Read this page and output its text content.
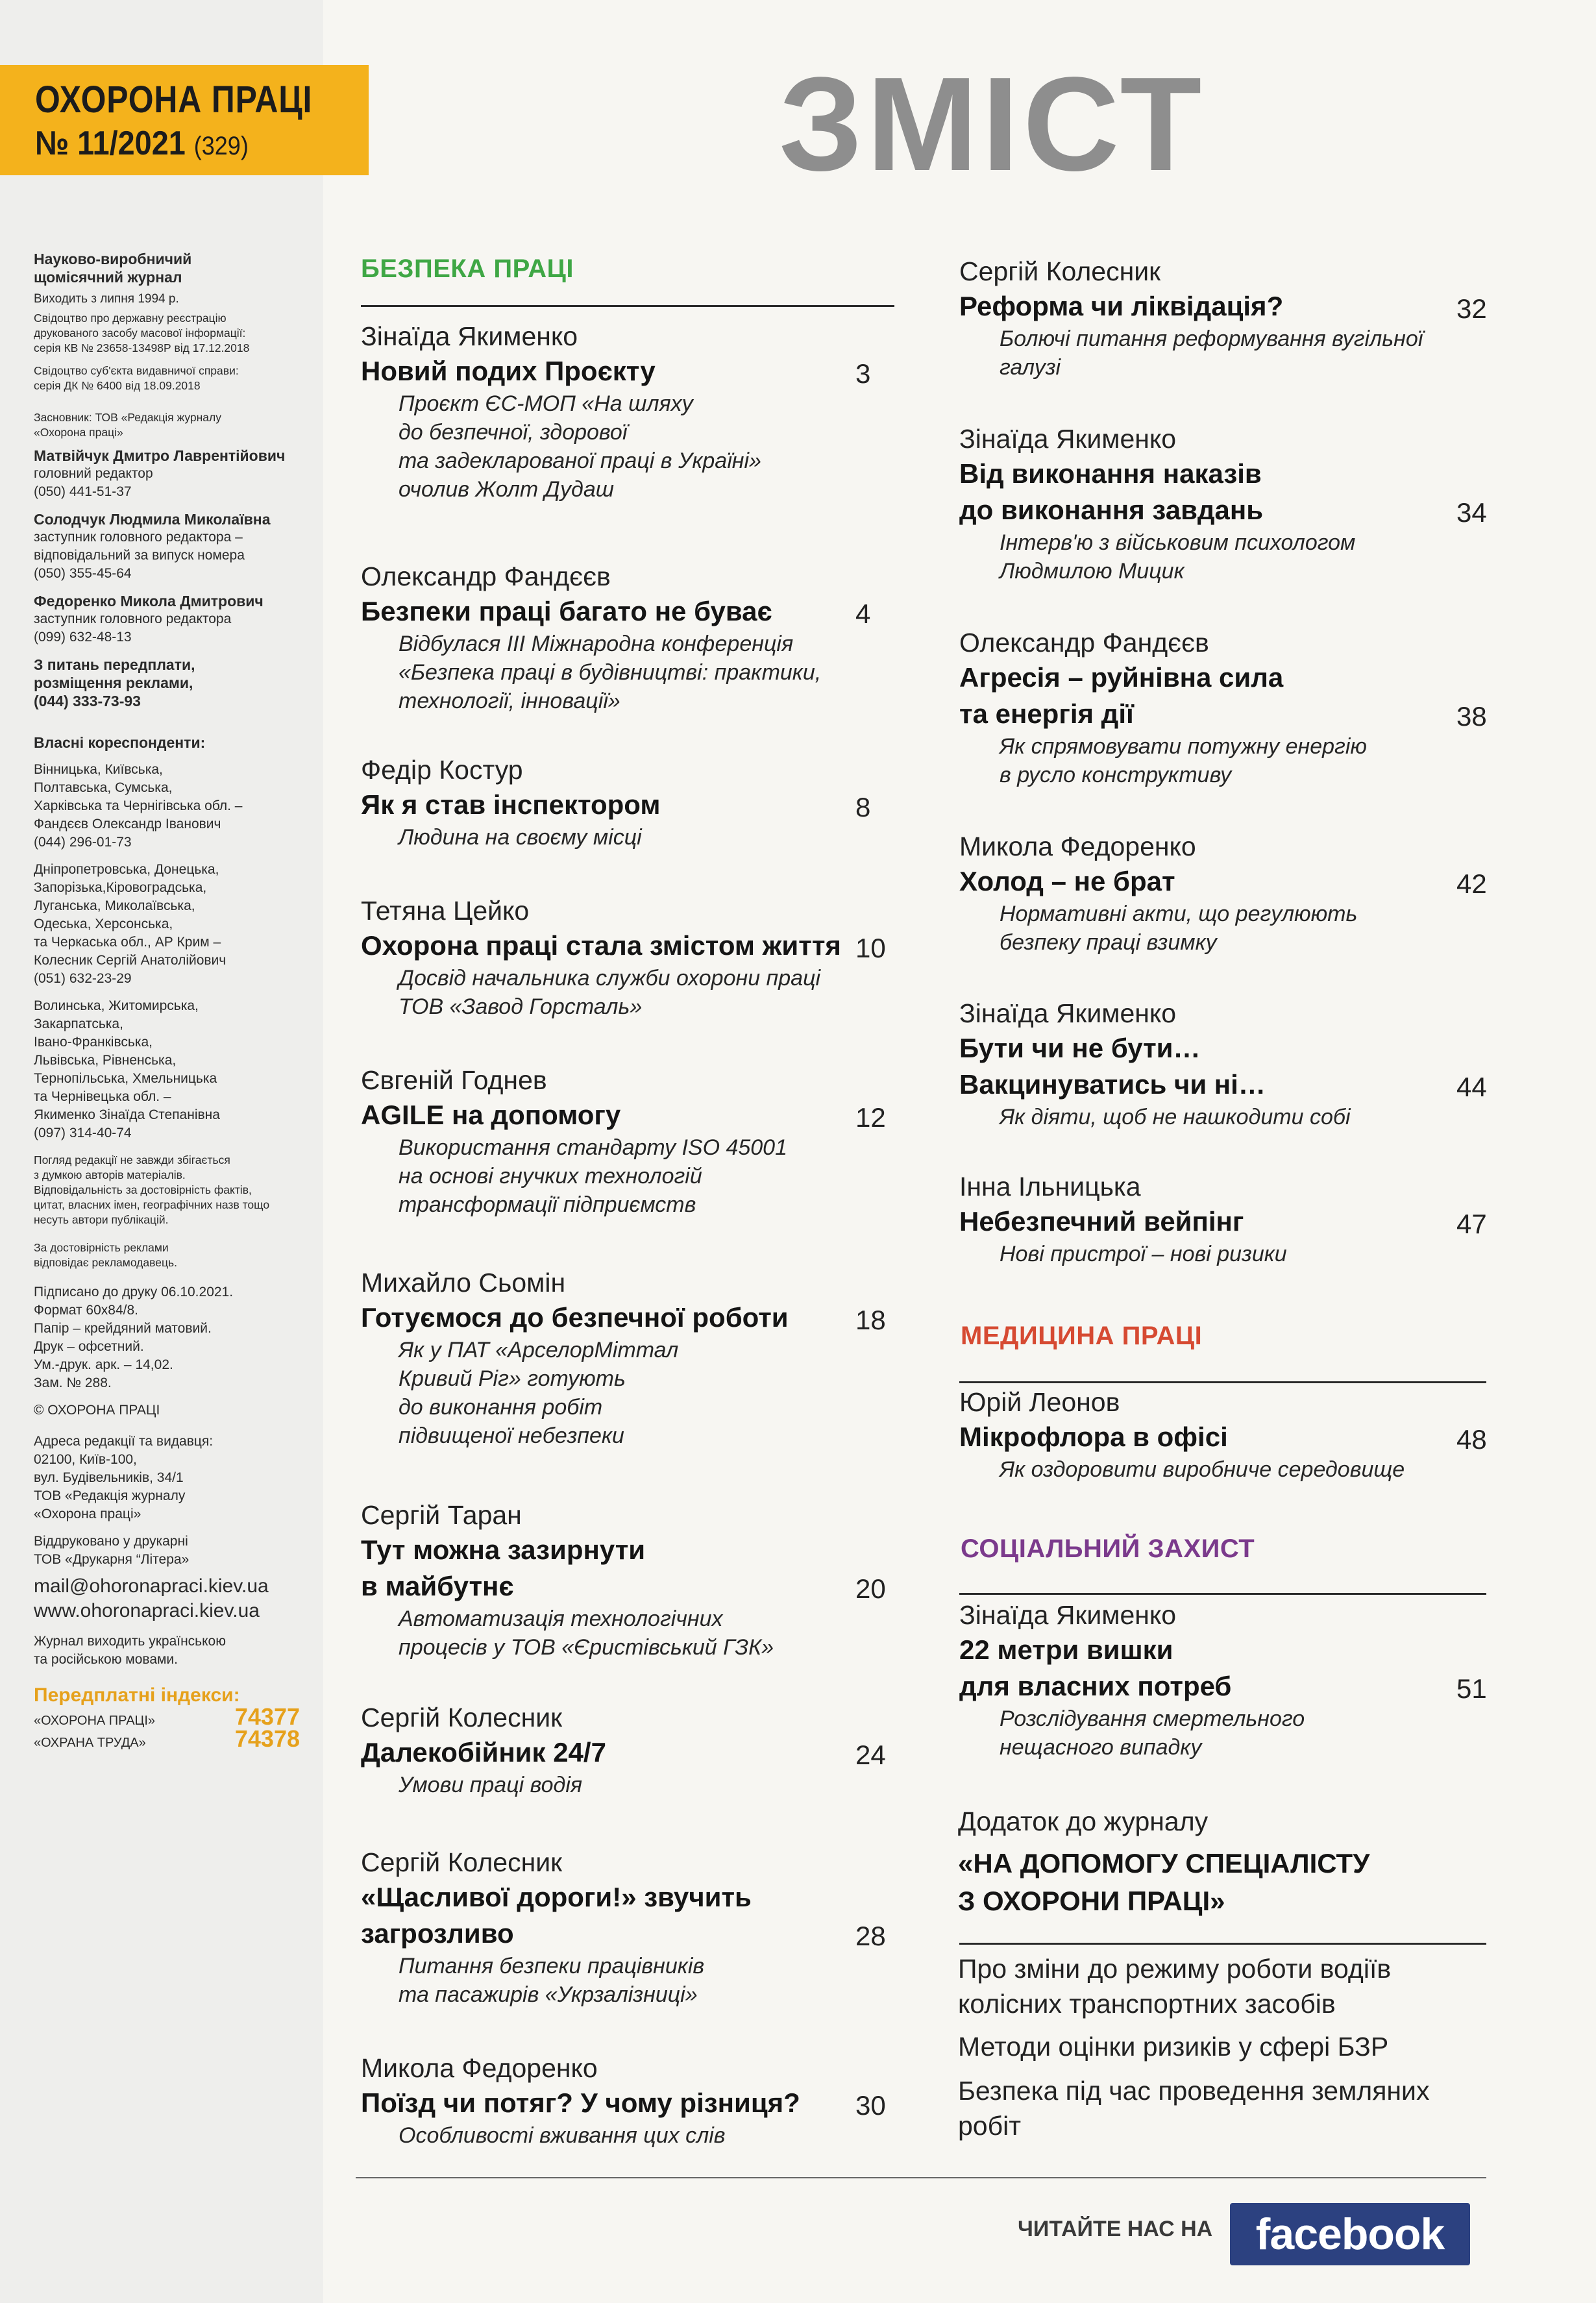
ОХОРОНА ПРАЦІ
№ 11/2021 (329)
Науково-виробничий
щомісячний журнал
Виходить з липня 1994 р.
Свідоцтво про державну реєстрацію
друкованого засобу масової інформації:
серія КВ № 23658-13498Р від 17.12.2018
Свідоцтво суб'єкта видавничої справи:
серія ДК № 6400 від 18.09.2018
Засновник: ТОВ «Редакція журналу
«Охорона праці»
Матвійчук Дмитро Лаврентійович
головний редактор
(050) 441-51-37
Солодчук Людмила Миколаївна
заступник головного редактора –
відповідальний за випуск номера
(050) 355-45-64
Федоренко Микола Дмитрович
заступник головного редактора
(099) 632-48-13
З питань передплати,
розміщення реклами,
(044) 333-73-93
Власні кореспонденти:
Вінницька, Київська,
Полтавська, Сумська,
Харківська та Чернігівська обл. –
Фандєєв Олександр Іванович
(044) 296-01-73
Дніпропетровська, Донецька,
Запорізька,Кіровоградська,
Луганська, Миколаївська,
Одеська, Херсонська,
та Черкаська обл., АР Крим –
Колесник Сергій Анатолійович
(051) 632-23-29
Волинська, Житомирська,
Закарпатська,
Івано-Франківська,
Львівська, Рівненська,
Тернопільська, Хмельницька
та Чернівецька обл. –
Якименко Зінаїда Степанівна
(097) 314-40-74
Погляд редакції не завжди збігається
з думкою авторів матеріалів.
Відповідальність за достовірність фактів,
цитат, власних імен, географічних назв тощо
несуть автори публікацій.
За достовірність реклами
відповідає рекламодавець.
Підписано до друку 06.10.2021.
Формат 60х84/8.
Папір – крейдяний матовий.
Друк – офсетний.
Ум.-друк. арк. – 14,02.
Зам. № 288.
© ОХОРОНА ПРАЦІ
Адреса редакції та видавця:
02100, Київ-100,
вул. Будівельників, 34/1
ТОВ «Редакція журналу
«Охорона праці»
Віддруковано у друкарні
ТОВ «Друкарня “Літера»
mail@ohoronapraci.kiev.ua
www.ohoronapraci.kiev.ua
Журнал виходить українською
та російською мовами.
Передплатні індекси:
«ОХОРОНА ПРАЦІ»	74377
«ОХРАНА ТРУДА»	74378
ЗМІСТ
БЕЗПЕКА ПРАЦІ
МЕДИЦИНА ПРАЦІ
СОЦІАЛЬНИЙ ЗАХИСТ
Додаток до журналу
«НА ДОПОМОГУ СПЕЦІАЛІСТУ
З ОХОРОНИ ПРАЦІ»
Про зміни до режиму роботи водіїв
колісних транспортних засобів
Методи оцінки ризиків у сфері БЗР
Безпека під час проведення земляних
робіт
ЧИТАЙТЕ НАС НА facebook
Зінаїда Якименко
Новий подих Проєкту
Проєкт ЄС-МОП «На шляху
до безпечної, здорової
та задекларованої праці в Україні»
очолив Жолт Дудаш
3
Олександр Фандєєв
Безпеки праці багато не буває
Відбулася ІІІ Міжнародна конференція
«Безпека праці в будівництві: практики,
технології, інновації»
4
Федір Костур
Як я став інспектором
Людина на своєму місці
8
Тетяна Цейко
Охорона праці стала змістом життя
Досвід начальника служби охорони праці
ТОВ «Завод Горсталь»
10
Євгеній Годнев
AGILE на допомогу
Використання стандарту ISO 45001
на основі гнучких технологій
трансформації підприємств
12
Михайло Сьомін
Готуємося до безпечної роботи
Як у ПАТ «АрселорМіттал
Кривий Ріг» готують
до виконання робіт
підвищеної небезпеки
18
Сергій Таран
Тут можна зазирнути
в майбутнє
Автоматизація технологічних
процесів у ТОВ «Єристівський ГЗК»
20
Сергій Колесник
Далекобійник 24/7
Умови праці водія
24
Сергій Колесник
«Щасливої дороги!» звучить
загрозливо
Питання безпеки працівників
та пасажирів «Укрзалізниці»
28
Микола Федоренко
Поїзд чи потяг? У чому різниця?
Особливості вживання цих слів
30
Сергій Колесник
Реформа чи ліквідація?
Болючі питання реформування вугільної
галузі
32
Зінаїда Якименко
Від виконання наказів
до виконання завдань
Інтерв'ю з військовим психологом
Людмилою Мицик
34
Олександр Фандєєв
Агресія – руйнівна сила
та енергія дії
Як спрямовувати потужну енергію
в русло конструктиву
38
Микола Федоренко
Холод – не брат
Нормативні акти, що регулюють
безпеку праці взимку
42
Зінаїда Якименко
Бути чи не бути…
Вакцинуватись чи ні…
Як діяти, щоб не нашкодити собі
44
Інна Ільницька
Небезпечний вейпінг
Нові пристрої – нові ризики
47
Юрій Леонов
Мікрофлора в офісі
Як оздоровити виробниче середовище
48
Зінаїда Якименко
22 метри вишки
для власних потреб
Розслідування смертельного
нещасного випадку
51
